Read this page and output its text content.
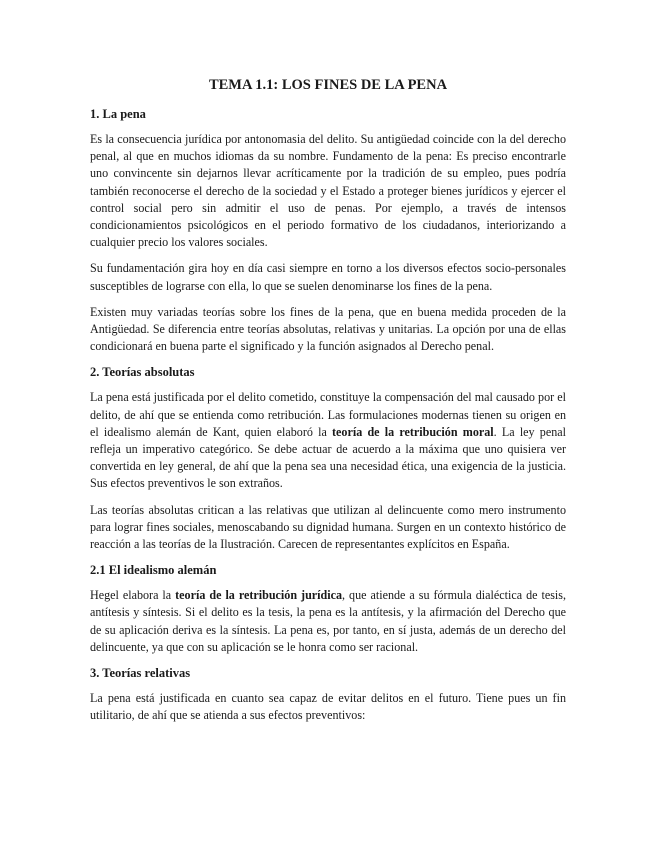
TEMA 1.1: LOS FINES DE LA PENA
1. La pena

Es la consecuencia jurídica por antonomasia del delito. Su antigüedad coincide con la del derecho penal, al que en muchos idiomas da su nombre. Fundamento de la pena: Es preciso encontrarle uno convincente sin dejarnos llevar acríticamente por la tradición de su empleo, pues podría también reconocerse el derecho de la sociedad y el Estado a proteger bienes jurídicos y ejercer el control social pero sin admitir el uso de penas. Por ejemplo, a través de intensos condicionamientos psicológicos en el periodo formativo de los ciudadanos, interiorizando a cualquier precio los valores sociales.

Su fundamentación gira hoy en día casi siempre en torno a los diversos efectos socio-personales susceptibles de lograrse con ella, lo que se suelen denominarse los fines de la pena.

Existen muy variadas teorías sobre los fines de la pena, que en buena medida proceden de la Antigüedad. Se diferencia entre teorías absolutas, relativas y unitarias. La opción por una de ellas condicionará en buena parte el significado y la función asignados al Derecho penal.

2. Teorías absolutas

La pena está justificada por el delito cometido, constituye la compensación del mal causado por el delito, de ahí que se entienda como retribución. Las formulaciones modernas tienen su origen en el idealismo alemán de Kant, quien elaboró la teoría de la retribución moral. La ley penal refleja un imperativo categórico. Se debe actuar de acuerdo a la máxima que uno quisiera ver convertida en ley general, de ahí que la pena sea una necesidad ética, una exigencia de la justicia. Sus efectos preventivos le son extraños.

Las teorías absolutas critican a las relativas que utilizan al delincuente como mero instrumento para lograr fines sociales, menoscabando su dignidad humana. Surgen en un contexto histórico de reacción a las teorías de la Ilustración. Carecen de representantes explícitos en España.

2.1 El idealismo alemán

Hegel elabora la teoría de la retribución jurídica, que atiende a su fórmula dialéctica de tesis, antítesis y síntesis. Si el delito es la tesis, la pena es la antítesis, y la afirmación del Derecho que de su aplicación deriva es la síntesis. La pena es, por tanto, en sí justa, además de un derecho del delincuente, ya que con su aplicación se le honra como ser racional.

3. Teorías relativas

La pena está justificada en cuanto sea capaz de evitar delitos en el futuro. Tiene pues un fin utilitario, de ahí que se atienda a sus efectos preventivos:
